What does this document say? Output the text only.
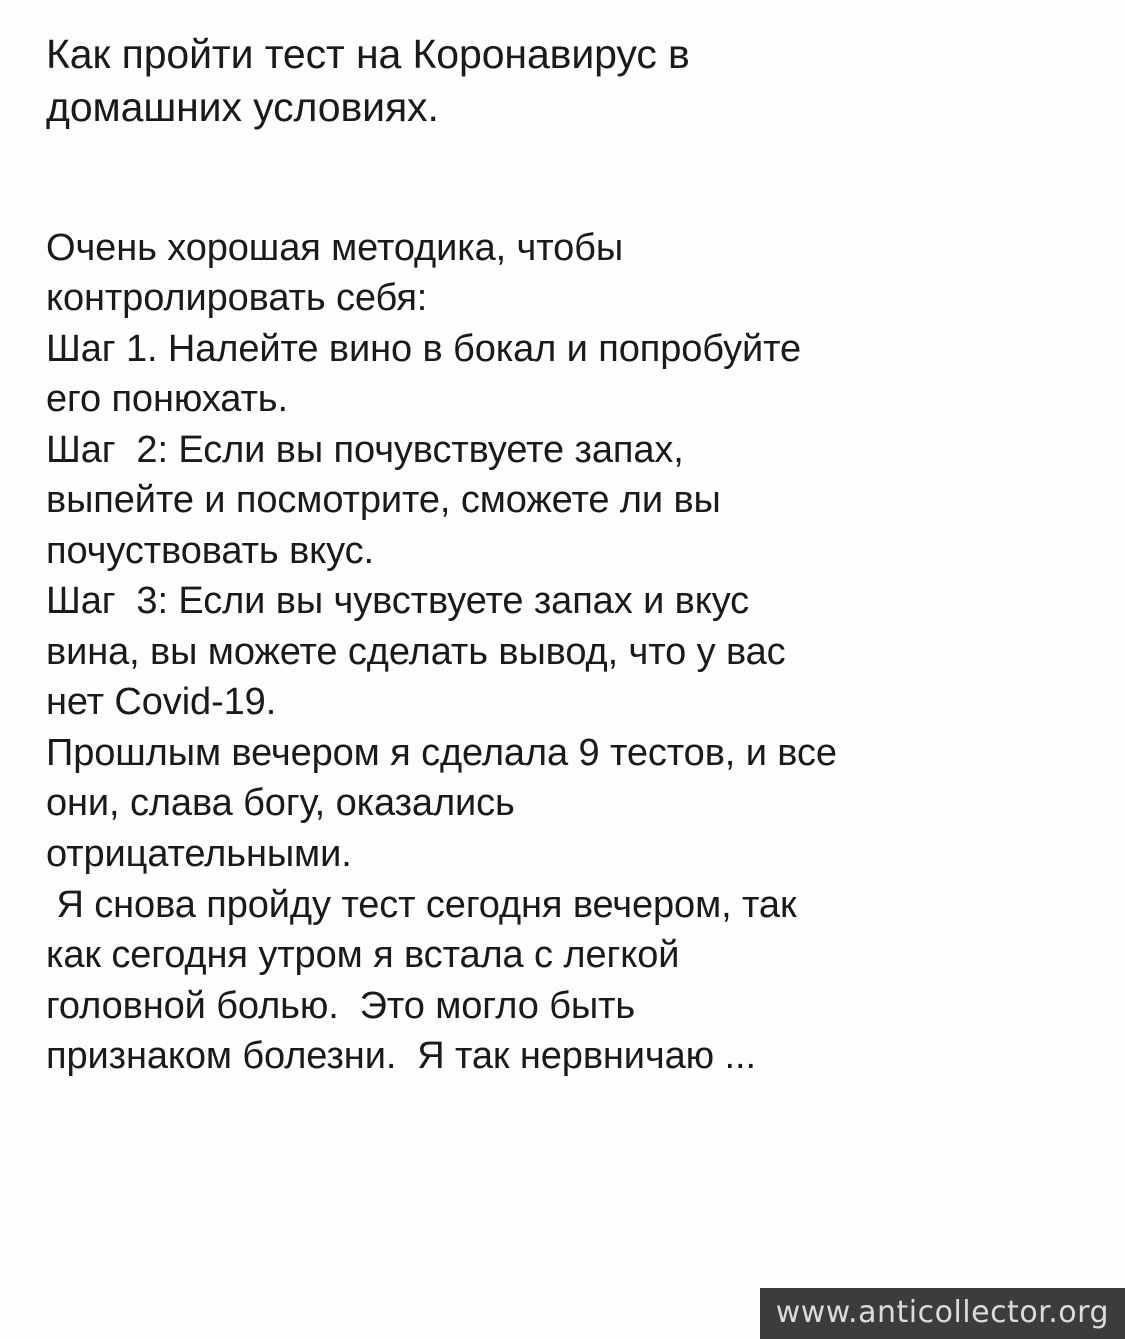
Как пройти тест на Коронавирус в
домашних условиях.
Очень хорошая методика, чтобы
контролировать себя:
Шаг 1. Налейте вино в бокал и попробуйте
его понюхать.
Шаг  2: Если вы почувствуете запах,
выпейте и посмотрите, сможете ли вы
почуствовать вкус.
Шаг  3: Если вы чувствуете запах и вкус
вина, вы можете сделать вывод, что у вас
нет Covid-19.
Прошлым вечером я сделала 9 тестов, и все
они, слава богу, оказались
отрицательными.
Я снова пройду тест сегодня вечером, так
как сегодня утром я встала с легкой
головной болью.  Это могло быть
признаком болезни.  Я так нервничаю ...
www.anticollector.org
